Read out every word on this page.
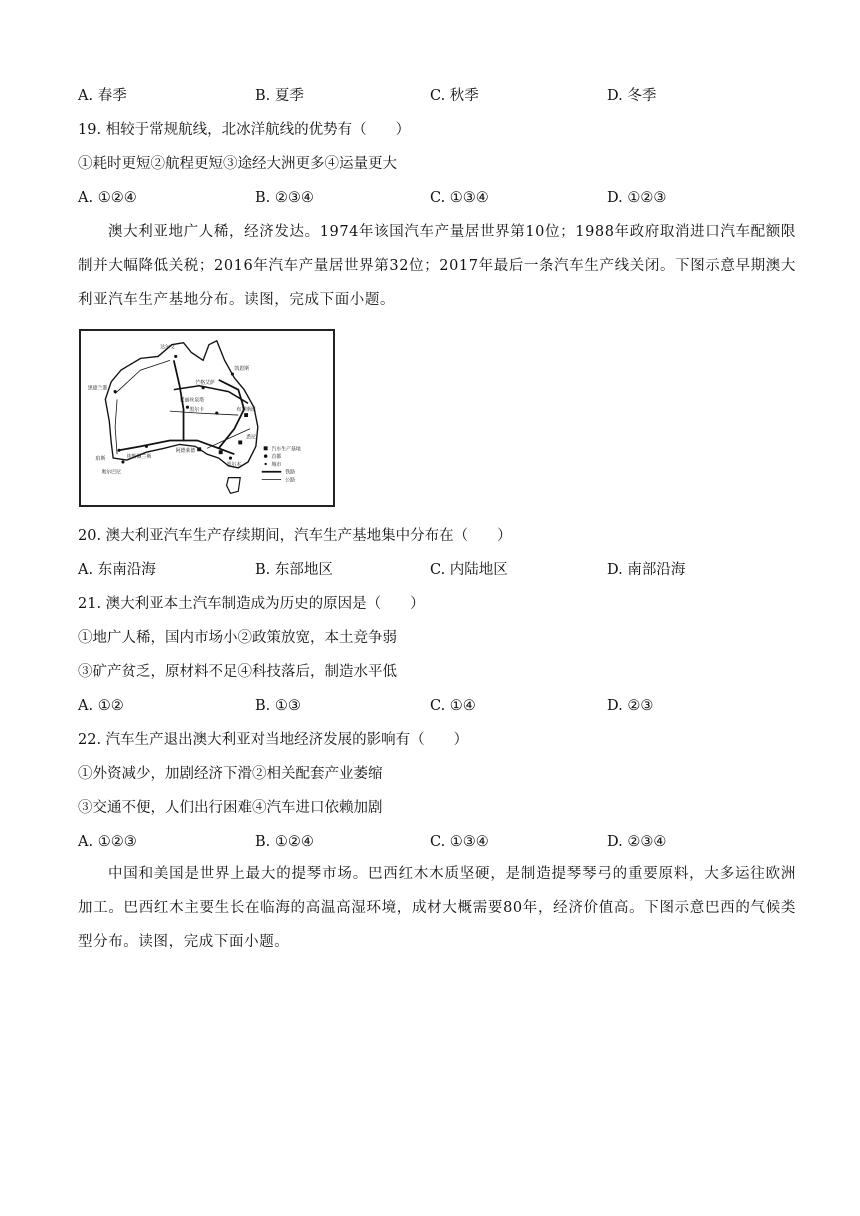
A. 春季	B. 夏季	C. 秋季	D. 冬季
19. 相较于常规航线，北冰洋航线的优势有（　　）
①耗时更短②航程更短③途经大洲更多④运量更大
A. ①②④	B. ②③④	C. ①③④	D. ①②③
澳大利亚地广人稀，经济发达。1974年该国汽车产量居世界第10位；1988年政府取消进口汽车配额限制并大幅降低关税；2016年汽车产量居世界第32位；2017年最后一条汽车生产线关闭。下图示意早期澳大利亚汽车生产基地分布。读图，完成下面小题。
达尔文
凯恩斯
芒格艾萨
爱丽丝泉塔
黑德兰港
黑尔卡	布里斯班
悉尼
珀斯	埃斯佩兰斯
阿德莱德
奥尔巴尼
墨尔本
汽车生产基地
首都
城市
铁路
公路
20. 澳大利亚汽车生产存续期间，汽车生产基地集中分布在（　　）
A. 东南沿海	B. 东部地区	C. 内陆地区	D. 南部沿海
21. 澳大利亚本土汽车制造成为历史的原因是（　　）
①地广人稀，国内市场小②政策放宽，本土竞争弱
③矿产贫乏，原材料不足④科技落后，制造水平低
A. ①②	B. ①③	C. ①④	D. ②③
22. 汽车生产退出澳大利亚对当地经济发展的影响有（　　）
①外资减少，加剧经济下滑②相关配套产业萎缩
③交通不便，人们出行困难④汽车进口依赖加剧
A. ①②③	B. ①②④	C. ①③④	D. ②③④
中国和美国是世界上最大的提琴市场。巴西红木木质坚硬，是制造提琴琴弓的重要原料，大多运往欧洲加工。巴西红木主要生长在临海的高温高湿环境，成材大概需要80年，经济价值高。下图示意巴西的气候类型分布。读图，完成下面小题。
